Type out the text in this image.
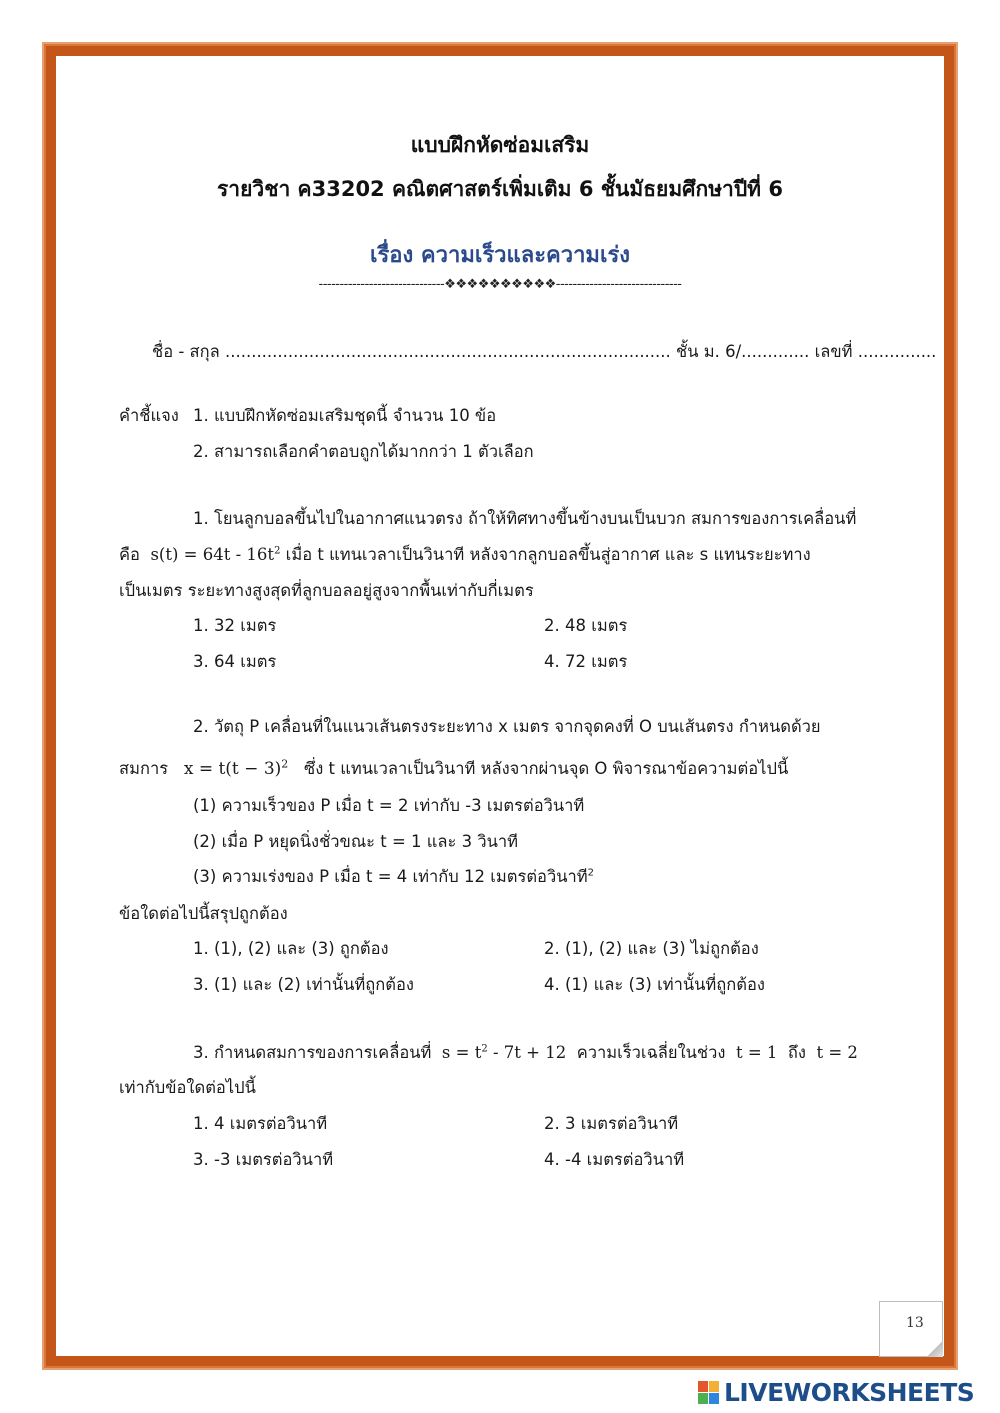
แบบฝึกหัดซ่อมเสริม
รายวิชา ค33202 คณิตศาสตร์เพิ่มเติม 6 ชั้นมัธยมศึกษาปีที่ 6
เรื่อง ความเร็วและความเร่ง
------------------------------❖❖❖❖❖❖❖❖❖❖------------------------------
ชื่อ - สกุล ..................................................................................... ชั้น ม. 6/............. เลขที่ ...............
คำชี้แจง 1. แบบฝึกหัดซ่อมเสริมชุดนี้ จำนวน 10 ข้อ
2. สามารถเลือกคำตอบถูกได้มากกว่า 1 ตัวเลือก
1. โยนลูกบอลขึ้นไปในอากาศแนวตรง ถ้าให้ทิศทางขึ้นข้างบนเป็นบวก สมการของการเคลื่อนที่
คือ $s(t) = 64t - 16t^2$ เมื่อ t แทนเวลาเป็นวินาที หลังจากลูกบอลขึ้นสู่อากาศ และ s แทนระยะทาง
เป็นเมตร ระยะทางสูงสุดที่ลูกบอลอยู่สูงจากพื้นเท่ากับกี่เมตร
1. 32 เมตร	2. 48 เมตร
3. 64 เมตร	4. 72 เมตร
2. วัตถุ P เคลื่อนที่ในแนวเส้นตรงระยะทาง x เมตร จากจุดคงที่ O บนเส้นตรง กำหนดด้วย
สมการ $x = t(t - 3)^2$ ซึ่ง t แทนเวลาเป็นวินาที หลังจากผ่านจุด O พิจารณาข้อความต่อไปนี้
(1) ความเร็วของ P เมื่อ t = 2 เท่ากับ -3 เมตรต่อวินาที
(2) เมื่อ P หยุดนิ่งชั่วขณะ t = 1 และ 3 วินาที
(3) ความเร่งของ P เมื่อ t = 4 เท่ากับ 12 เมตรต่อวินาที$^2$
ข้อใดต่อไปนี้สรุปถูกต้อง
1. (1), (2) และ (3) ถูกต้อง	2. (1), (2) และ (3) ไม่ถูกต้อง
3. (1) และ (2) เท่านั้นที่ถูกต้อง	4. (1) และ (3) เท่านั้นที่ถูกต้อง
3. กำหนดสมการของการเคลื่อนที่ $s = t^2 - 7t + 12$ ความเร็วเฉลี่ยในช่วง t = 1 ถึง t = 2
เท่ากับข้อใดต่อไปนี้
1. 4 เมตรต่อวินาที	2. 3 เมตรต่อวินาที
3. -3 เมตรต่อวินาที	4. -4 เมตรต่อวินาที
13
LIVEWORKSHEETS
